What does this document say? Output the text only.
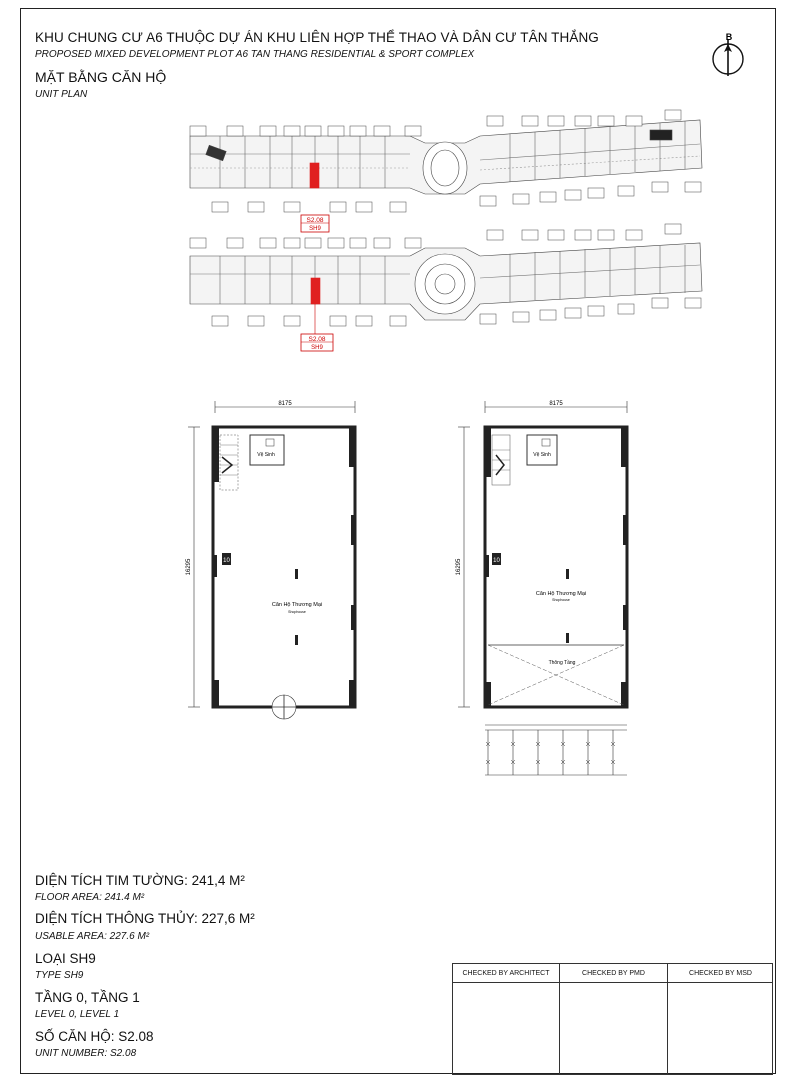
KHU CHUNG CƯ A6 THUỘC DỰ ÁN KHU LIÊN HỢP THỂ THAO VÀ DÂN CƯ TÂN THẮNG
PROPOSED MIXED DEVELOPMENT PLOT A6 TAN THANG RESIDENTIAL & SPORT COMPLEX
MẶT BẰNG CĂN HỘ
UNIT PLAN
B
S2.08
SH9
S2.08
SH9
8175
16295
Vệ Sinh
10
Căn Hộ Thương Mại
Shophouse
8175
16295
Vệ Sinh
10
Căn Hộ Thương Mại
Shophouse
Thông Tầng
DIỆN TÍCH TIM TƯỜNG: 241,4 M²
FLOOR AREA: 241.4 M²
DIỆN TÍCH THÔNG THỦY: 227,6 M²
USABLE AREA: 227.6 M²
LOẠI SH9
TYPE SH9
TẦNG 0, TẦNG 1
LEVEL 0, LEVEL 1
SỐ CĂN HỘ: S2.08
UNIT NUMBER: S2.08
CHECKED BY ARCHITECT	CHECKED BY PMD	CHECKED BY MSD
